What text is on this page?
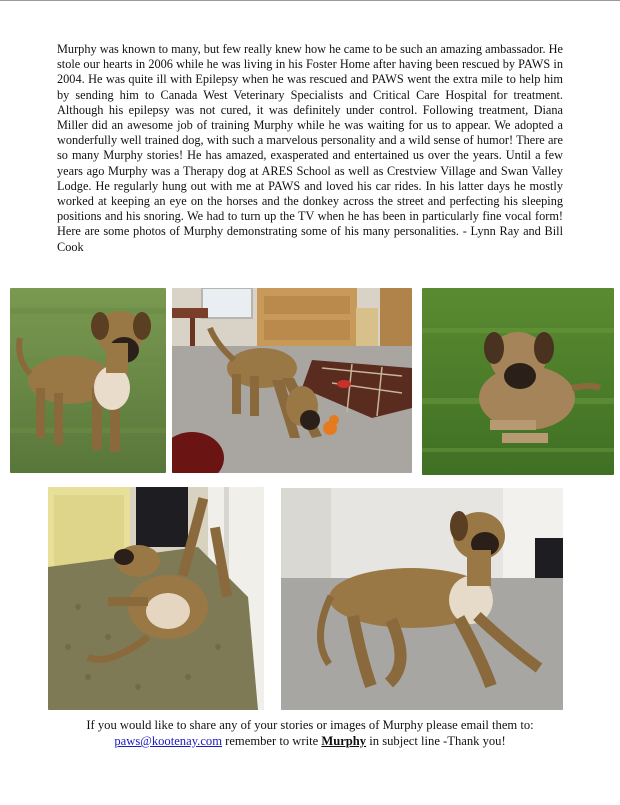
Murphy was known to many, but few really knew how he came to be such an amazing ambassador. He stole our hearts in 2006 while he was living in his Foster Home after having been rescued by PAWS in 2004. He was quite ill with Epilepsy when he was rescued and PAWS went the extra mile to help him by sending him to Canada West Veterinary Specialists and Critical Care Hospital for treatment. Although his epilepsy was not cured, it was definitely under control. Following treatment, Diana Miller did an awesome job of training Murphy while he was waiting for us to appear. We adopted a wonderfully well trained dog, with such a marvelous personality and a wild sense of humor! There are so many Murphy stories! He has amazed, exasperated and entertained us over the years. Until a few years ago Murphy was a Therapy dog at ARES School as well as Crestview Village and Swan Valley Lodge. He regularly hung out with me at PAWS and loved his car rides. In his latter days he mostly worked at keeping an eye on the horses and the donkey across the street and perfecting his sleeping positions and his snoring. We had to turn up the TV when he has been in particularly fine vocal form! Here are some photos of Murphy demonstrating some of his many personalities. - Lynn Ray and Bill Cook

If you would like to share any of your stories or images of Murphy please email them to:
paws@kootenay.com remember to write Murphy in subject line -Thank you!
